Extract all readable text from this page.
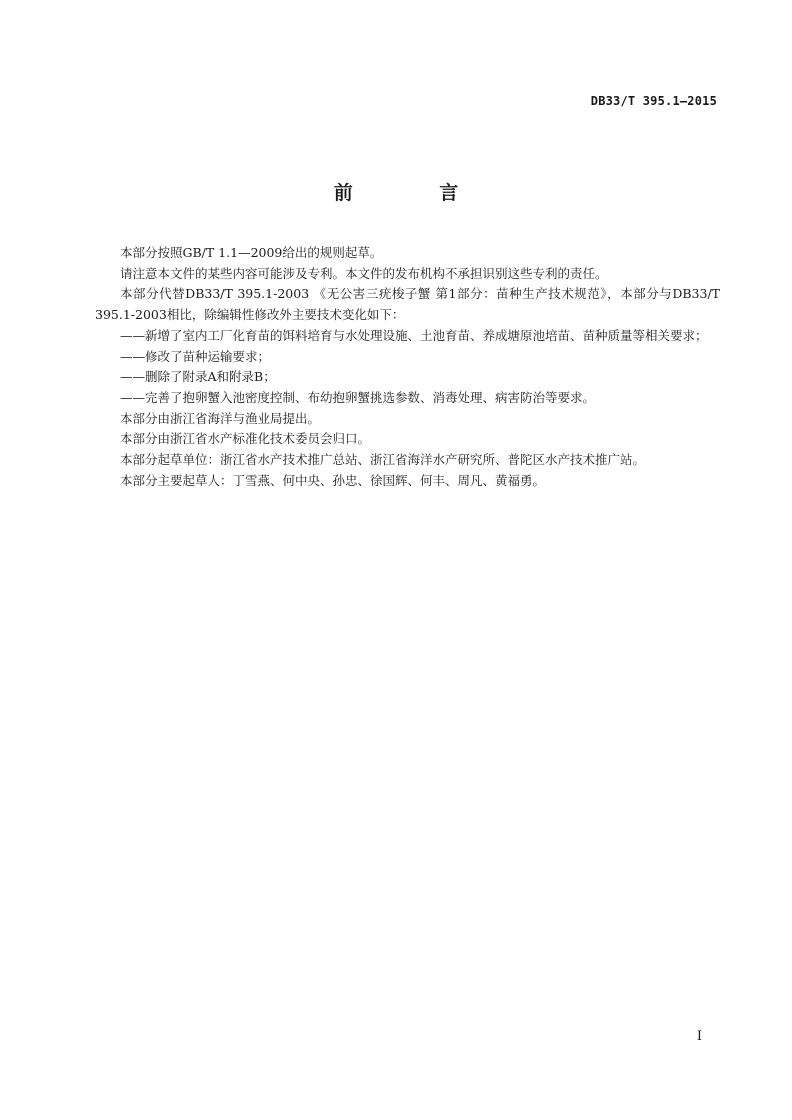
DB33/T 395.1—2015
前 言

本部分按照GB/T 1.1—2009给出的规则起草。

请注意本文件的某些内容可能涉及专利。本文件的发布机构不承担识别这些专利的责任。

本部分代替DB33/T 395.1-2003 《无公害三疣梭子蟹 第1部分：苗种生产技术规范》，本部分与DB33/T 395.1-2003相比，除编辑性修改外主要技术变化如下：

——新增了室内工厂化育苗的饵料培育与水处理设施、土池育苗、养成塘原池培苗、苗种质量等相关要求；

——修改了苗种运输要求；

——删除了附录A和附录B；

——完善了抱卵蟹入池密度控制、布幼抱卵蟹挑选参数、消毒处理、病害防治等要求。

本部分由浙江省海洋与渔业局提出。

本部分由浙江省水产标准化技术委员会归口。

本部分起草单位：浙江省水产技术推广总站、浙江省海洋水产研究所、普陀区水产技术推广站。

本部分主要起草人：丁雪燕、何中央、孙忠、徐国辉、何丰、周凡、黄福勇。

I
